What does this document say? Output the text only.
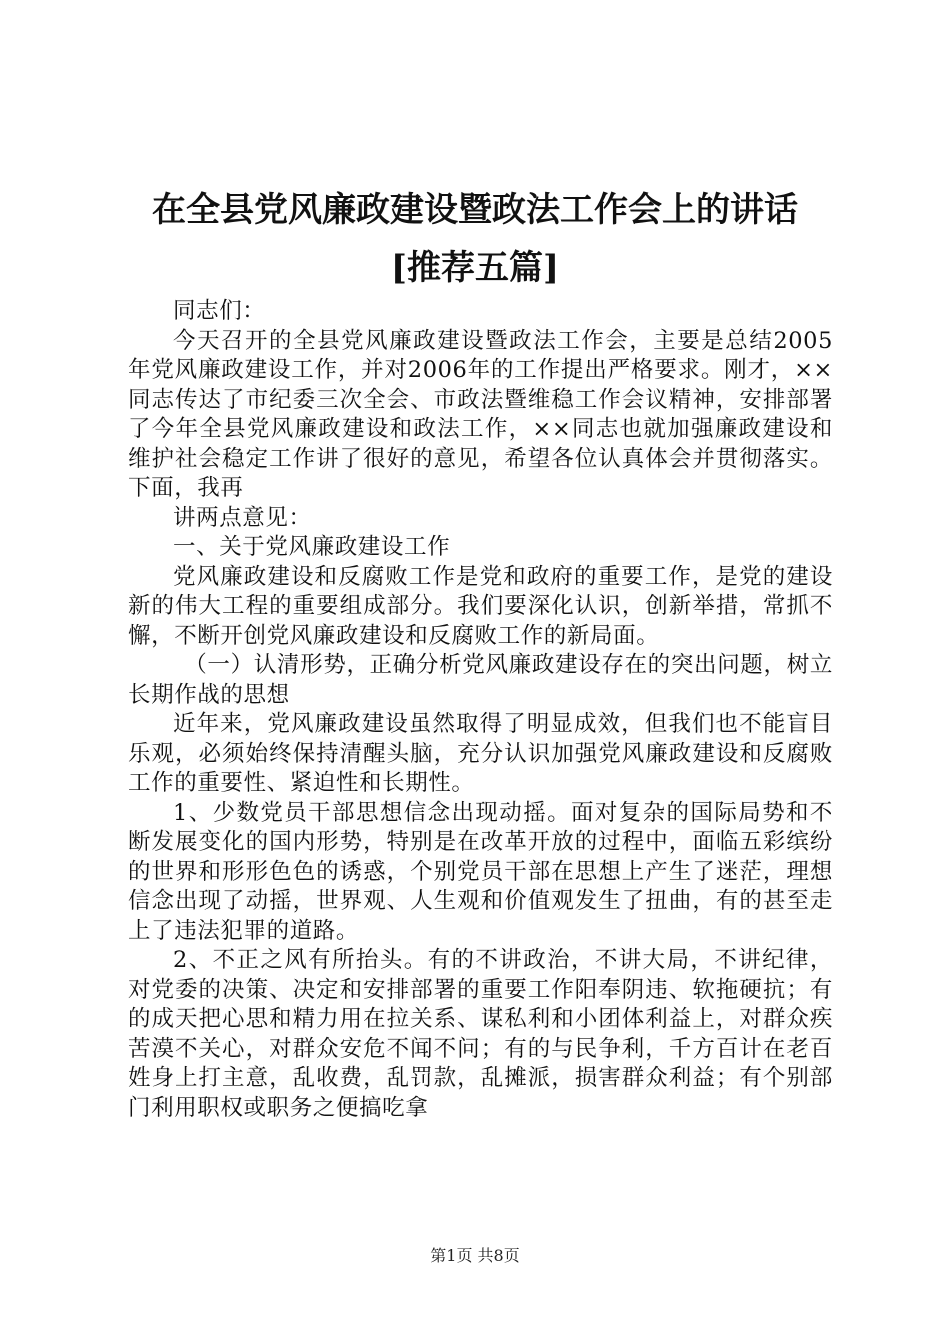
在全县党风廉政建设暨政法工作会上的讲话
[推荐五篇]

同志们：

今天召开的全县党风廉政建设暨政法工作会，主要是总结2005年党风廉政建设工作，并对2006年的工作提出严格要求。刚才，××同志传达了市纪委三次全会、市政法暨维稳工作会议精神，安排部署了今年全县党风廉政建设和政法工作，××同志也就加强廉政建设和维护社会稳定工作讲了很好的意见，希望各位认真体会并贯彻落实。下面，我再

讲两点意见：

一、关于党风廉政建设工作

党风廉政建设和反腐败工作是党和政府的重要工作，是党的建设新的伟大工程的重要组成部分。我们要深化认识，创新举措，常抓不懈，不断开创党风廉政建设和反腐败工作的新局面。

（一）认清形势，正确分析党风廉政建设存在的突出问题，树立长期作战的思想

近年来，党风廉政建设虽然取得了明显成效，但我们也不能盲目乐观，必须始终保持清醒头脑，充分认识加强党风廉政建设和反腐败工作的重要性、紧迫性和长期性。

1、少数党员干部思想信念出现动摇。面对复杂的国际局势和不断发展变化的国内形势，特别是在改革开放的过程中，面临五彩缤纷的世界和形形色色的诱惑，个别党员干部在思想上产生了迷茫，理想信念出现了动摇，世界观、人生观和价值观发生了扭曲，有的甚至走上了违法犯罪的道路。

2、不正之风有所抬头。有的不讲政治，不讲大局，不讲纪律，对党委的决策、决定和安排部署的重要工作阳奉阴违、软拖硬抗；有的成天把心思和精力用在拉关系、谋私利和小团体利益上，对群众疾苦漠不关心，对群众安危不闻不问；有的与民争利，千方百计在老百姓身上打主意，乱收费，乱罚款，乱摊派，损害群众利益；有个别部门利用职权或职务之便搞吃拿

第1页 共8页
